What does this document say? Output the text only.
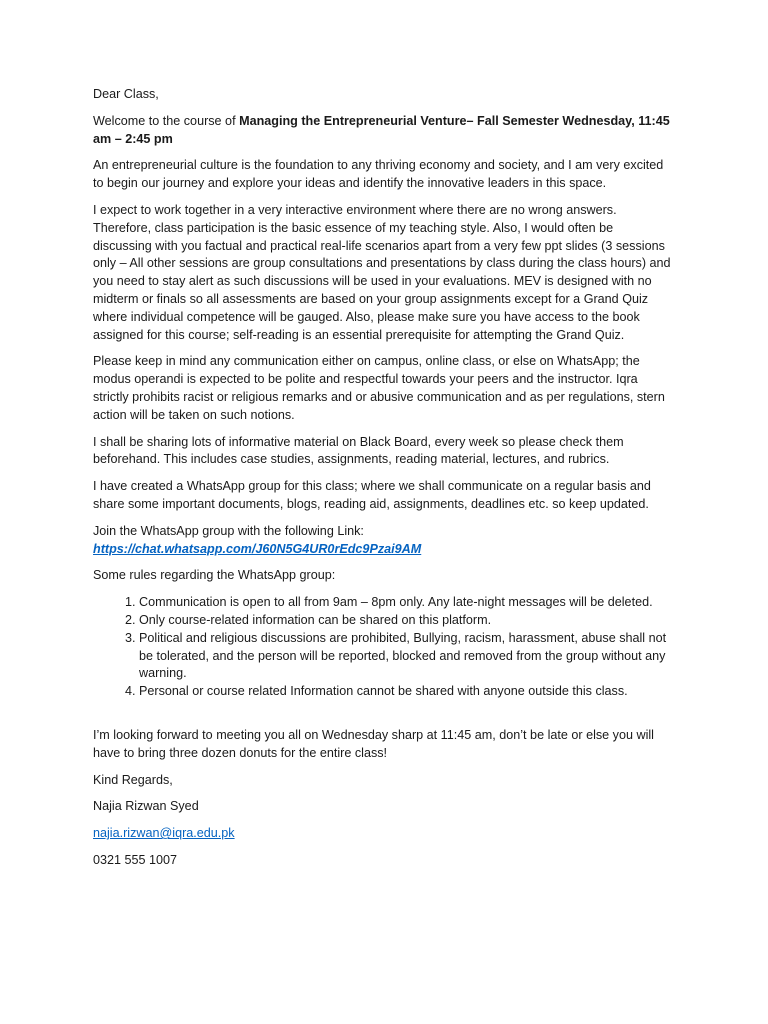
Dear Class,

Welcome to the course of Managing the Entrepreneurial Venture– Fall Semester Wednesday, 11:45 am – 2:45 pm

An entrepreneurial culture is the foundation to any thriving economy and society, and I am very excited to begin our journey and explore your ideas and identify the innovative leaders in this space.

I expect to work together in a very interactive environment where there are no wrong answers. Therefore, class participation is the basic essence of my teaching style. Also, I would often be discussing with you factual and practical real-life scenarios apart from a very few ppt slides (3 sessions only – All other sessions are group consultations and presentations by class during the class hours) and you need to stay alert as such discussions will be used in your evaluations. MEV is designed with no midterm or finals so all assessments are based on your group assignments except for a Grand Quiz where individual competence will be gauged. Also, please make sure you have access to the book assigned for this course; self-reading is an essential prerequisite for attempting the Grand Quiz.

Please keep in mind any communication either on campus, online class, or else on WhatsApp; the modus operandi is expected to be polite and respectful towards your peers and the instructor. Iqra strictly prohibits racist or religious remarks and or abusive communication and as per regulations, stern action will be taken on such notions.

I shall be sharing lots of informative material on Black Board, every week so please check them beforehand. This includes case studies, assignments, reading material, lectures, and rubrics.

I have created a WhatsApp group for this class; where we shall communicate on a regular basis and share some important documents, blogs, reading aid, assignments, deadlines etc. so keep updated.

Join the WhatsApp group with the following Link:
https://chat.whatsapp.com/J60N5G4UR0rEdc9Pzai9AM

Some rules regarding the WhatsApp group:

1. Communication is open to all from 9am – 8pm only. Any late-night messages will be deleted.
2. Only course-related information can be shared on this platform.
3. Political and religious discussions are prohibited, Bullying, racism, harassment, abuse shall not be tolerated, and the person will be reported, blocked and removed from the group without any warning.
4. Personal or course related Information cannot be shared with anyone outside this class.

I’m looking forward to meeting you all on Wednesday sharp at 11:45 am, don’t be late or else you will have to bring three dozen donuts for the entire class!

Kind Regards,

Najia Rizwan Syed

najia.rizwan@iqra.edu.pk

0321 555 1007
